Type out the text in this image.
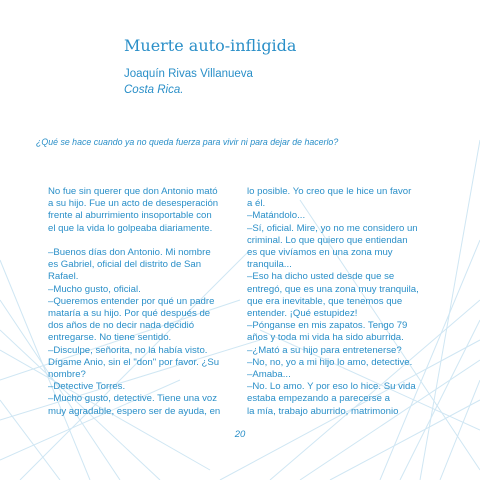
Muerte auto-infligida
Joaquín Rivas Villanueva
Costa Rica.
¿Qué se hace cuando ya no queda fuerza para vivir ni para dejar de hacerlo?

No fue sin querer que don Antonio mató

a su hijo. Fue un acto de desesperación

frente al aburrimiento insoportable con

el que la vida lo golpeaba diariamente.

–Buenos días don Antonio. Mi nombre

es Gabriel, oficial del distrito de San

Rafael.

–Mucho gusto, oficial.

–Queremos entender por qué un padre

mataría a su hijo. Por qué después de

dos años de no decir nada decidió

entregarse. No tiene sentido.

–Disculpe, señorita, no la había visto.

Dígame Anio, sin el "don" por favor. ¿Su

nombre?

–Detective Torres.

–Mucho gusto, detective. Tiene una voz

muy agradable, espero ser de ayuda, en

lo posible. Yo creo que le hice un favor

a él.

–Matándolo...

–Sí, oficial. Mire, yo no me considero un

criminal. Lo que quiero que entiendan

es que vivíamos en una zona muy

tranquila...

–Eso ha dicho usted desde que se

entregó, que es una zona muy tranquila,

que era inevitable, que tenemos que

entender. ¡Qué estupidez!

–Pónganse en mis zapatos. Tengo 79

años y toda mi vida ha sido aburrida.

–¿Mató a su hijo para entretenerse?

–No, no, yo a mi hijo lo amo, detective.

–Amaba...

–No. Lo amo. Y por eso lo hice. Su vida

estaba empezando a parecerse a

la mía, trabajo aburrido, matrimonio

20
